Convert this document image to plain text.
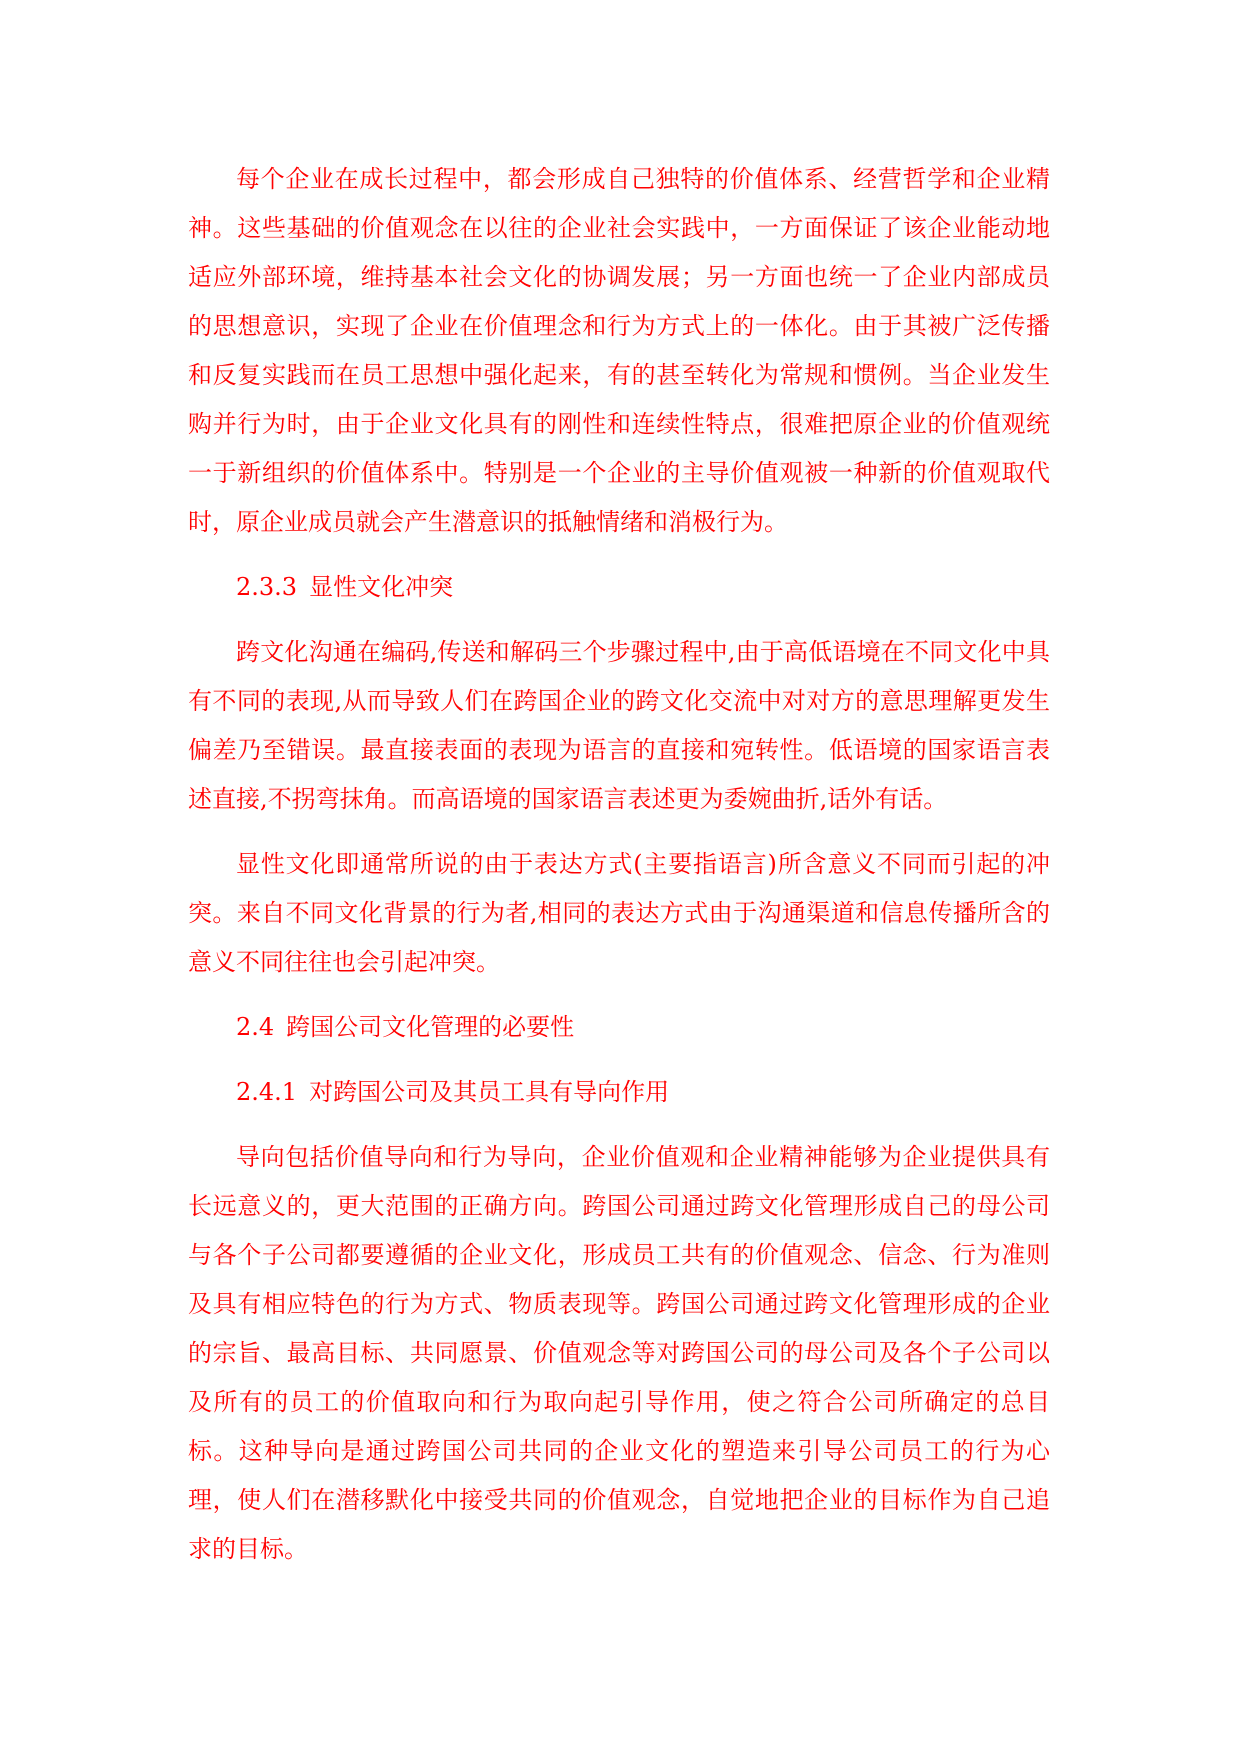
每个企业在成长过程中，都会形成自己独特的价值体系、经营哲学和企业精神。这些基础的价值观念在以往的企业社会实践中，一方面保证了该企业能动地适应外部环境，维持基本社会文化的协调发展；另一方面也统一了企业内部成员的思想意识，实现了企业在价值理念和行为方式上的一体化。由于其被广泛传播和反复实践而在员工思想中强化起来，有的甚至转化为常规和惯例。当企业发生购并行为时，由于企业文化具有的刚性和连续性特点，很难把原企业的价值观统一于新组织的价值体系中。特别是一个企业的主导价值观被一种新的价值观取代时，原企业成员就会产生潜意识的抵触情绪和消极行为。

2.3.3 显性文化冲突

跨文化沟通在编码,传送和解码三个步骤过程中,由于高低语境在不同文化中具有不同的表现,从而导致人们在跨国企业的跨文化交流中对对方的意思理解更发生偏差乃至错误。最直接表面的表现为语言的直接和宛转性。低语境的国家语言表述直接,不拐弯抹角。而高语境的国家语言表述更为委婉曲折,话外有话。

显性文化即通常所说的由于表达方式(主要指语言)所含意义不同而引起的冲突。来自不同文化背景的行为者,相同的表达方式由于沟通渠道和信息传播所含的意义不同往往也会引起冲突。

2.4 跨国公司文化管理的必要性

2.4.1 对跨国公司及其员工具有导向作用

导向包括价值导向和行为导向，企业价值观和企业精神能够为企业提供具有长远意义的，更大范围的正确方向。跨国公司通过跨文化管理形成自己的母公司与各个子公司都要遵循的企业文化，形成员工共有的价值观念、信念、行为准则及具有相应特色的行为方式、物质表现等。跨国公司通过跨文化管理形成的企业的宗旨、最高目标、共同愿景、价值观念等对跨国公司的母公司及各个子公司以及所有的员工的价值取向和行为取向起引导作用，使之符合公司所确定的总目标。这种导向是通过跨国公司共同的企业文化的塑造来引导公司员工的行为心理，使人们在潜移默化中接受共同的价值观念，自觉地把企业的目标作为自己追求的目标。
